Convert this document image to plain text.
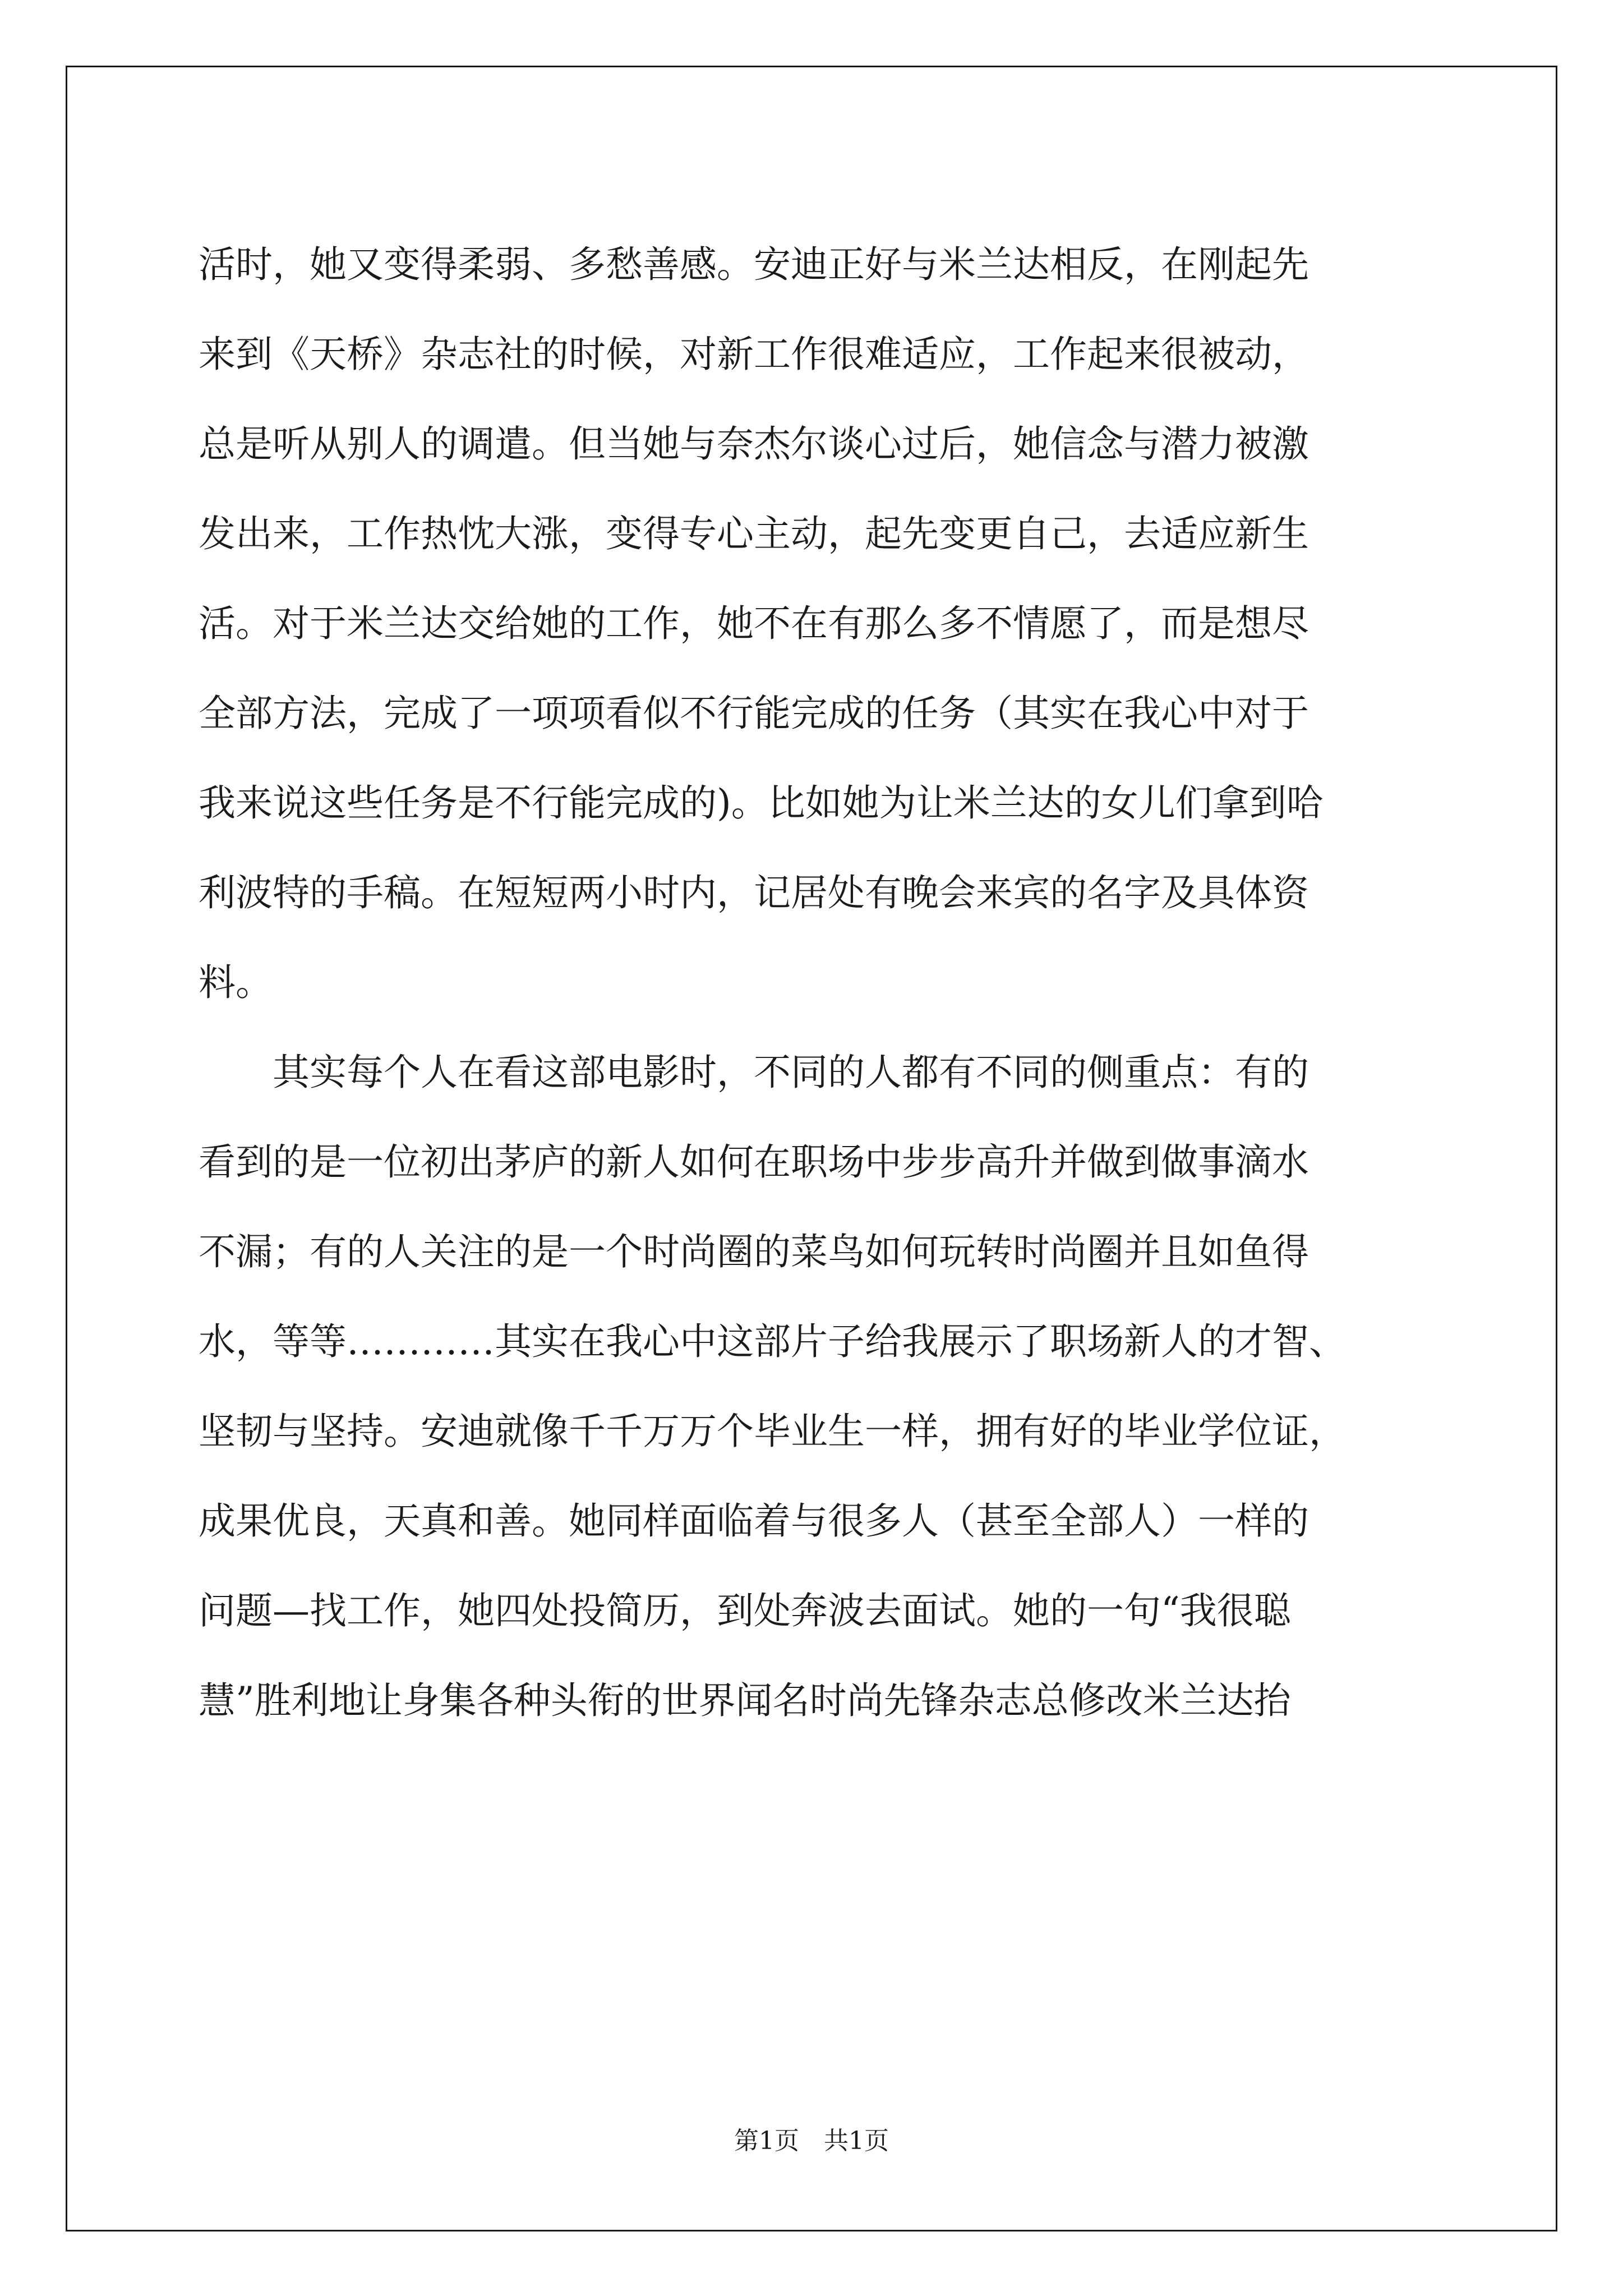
活时，她又变得柔弱、多愁善感。安迪正好与米兰达相反，在刚起先
来到《天桥》杂志社的时候，对新工作很难适应，工作起来很被动，
总是听从别人的调遣。但当她与奈杰尔谈心过后，她信念与潜力被激
发出来，工作热忱大涨，变得专心主动，起先变更自己，去适应新生
活。对于米兰达交给她的工作，她不在有那么多不情愿了，而是想尽
全部方法，完成了一项项看似不行能完成的任务（其实在我心中对于
我来说这些任务是不行能完成的)。比如她为让米兰达的女儿们拿到哈
利波特的手稿。在短短两小时内，记居处有晚会来宾的名字及具体资
料。
　　其实每个人在看这部电影时，不同的人都有不同的侧重点：有的
看到的是一位初出茅庐的新人如何在职场中步步高升并做到做事滴水
不漏；有的人关注的是一个时尚圈的菜鸟如何玩转时尚圈并且如鱼得
水，等等…………其实在我心中这部片子给我展示了职场新人的才智、
坚韧与坚持。安迪就像千千万万个毕业生一样，拥有好的毕业学位证，
成果优良，天真和善。她同样面临着与很多人（甚至全部人）一样的
问题—找工作，她四处投简历，到处奔波去面试。她的一句“我很聪
慧”胜利地让身集各种头衔的世界闻名时尚先锋杂志总修改米兰达抬
第1页　共1页
